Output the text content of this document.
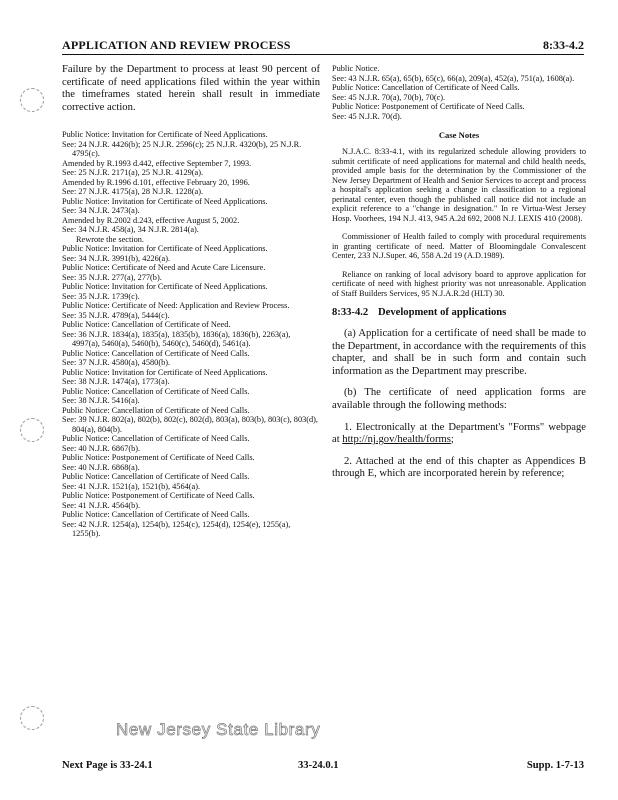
APPLICATION AND REVIEW PROCESS	8:33-4.2

Failure by the Department to process at least 90 percent of certificate of need applications filed within the year within the timeframes stated herein shall result in immediate corrective action.

Public Notice: Invitation for Certificate of Need Applications.
See: 24 N.J.R. 4426(b); 25 N.J.R. 2596(c); 25 N.J.R. 4320(b), 25 N.J.R. 4795(c).
Amended by R.1993 d.442, effective September 7, 1993.
See: 25 N.J.R. 2171(a), 25 N.J.R. 4129(a).
Amended by R.1996 d.101, effective February 20, 1996.
See: 27 N.J.R. 4175(a), 28 N.J.R. 1228(a).
Public Notice: Invitation for Certificate of Need Applications.
See: 34 N.J.R. 2473(a).
Amended by R.2002 d.243, effective August 5, 2002.
See: 34 N.J.R. 458(a), 34 N.J.R. 2814(a).
Rewrote the section.
Public Notice: Invitation for Certificate of Need Applications.
See: 34 N.J.R. 3991(b), 4226(a).
Public Notice: Certificate of Need and Acute Care Licensure.
See: 35 N.J.R. 277(a), 277(b).
Public Notice: Invitation for Certificate of Need Applications.
See: 35 N.J.R. 1739(c).
Public Notice: Certificate of Need: Application and Review Process.
See: 35 N.J.R. 4789(a), 5444(c).
Public Notice: Cancellation of Certificate of Need.
See: 36 N.J.R. 1834(a), 1835(a), 1835(b), 1836(a), 1836(b), 2263(a), 4997(a), 5460(a), 5460(b), 5460(c), 5460(d), 5461(a).
Public Notice: Cancellation of Certificate of Need Calls.
See: 37 N.J.R. 4580(a), 4580(b).
Public Notice: Invitation for Certificate of Need Applications.
See: 38 N.J.R. 1474(a), 1773(a).
Public Notice: Cancellation of Certificate of Need Calls.
See: 38 N.J.R. 5416(a).
Public Notice: Cancellation of Certificate of Need Calls.
See: 39 N.J.R. 802(a), 802(b), 802(c), 802(d), 803(a), 803(b), 803(c), 803(d), 804(a), 804(b).
Public Notice: Cancellation of Certificate of Need Calls.
See: 40 N.J.R. 6867(b).
Public Notice: Postponement of Certificate of Need Calls.
See: 40 N.J.R. 6868(a).
Public Notice: Cancellation of Certificate of Need Calls.
See: 41 N.J.R. 1521(a), 1521(b), 4564(a).
Public Notice: Postponement of Certificate of Need Calls.
See: 41 N.J.R. 4564(b).
Public Notice: Cancellation of Certificate of Need Calls.
See: 42 N.J.R. 1254(a), 1254(b), 1254(c), 1254(d), 1254(e), 1255(a), 1255(b).
Public Notice.
See: 43 N.J.R. 65(a), 65(b), 65(c), 66(a), 209(a), 452(a), 751(a), 1608(a).
Public Notice: Cancellation of Certificate of Need Calls.
See: 45 N.J.R. 70(a), 70(b), 70(c).
Public Notice: Postponement of Certificate of Need Calls.
See: 45 N.J.R. 70(d).
Case Notes

N.J.A.C. 8:33-4.1, with its regularized schedule allowing providers to submit certificate of need applications for maternal and child health needs, provided ample basis for the determination by the Commissioner of the New Jersey Department of Health and Senior Services to accept and process a hospital's application seeking a change in classification to a regional perinatal center, even though the published call notice did not include an explicit reference to a "change in designation." In re Virtua-West Jersey Hosp. Voorhees, 194 N.J. 413, 945 A.2d 692, 2008 N.J. LEXIS 410 (2008).

Commissioner of Health failed to comply with procedural requirements in granting certificate of need. Matter of Bloomingdale Convalescent Center, 233 N.J.Super. 46, 558 A.2d 19 (A.D.1989).

Reliance on ranking of local advisory board to approve application for certificate of need with highest priority was not unreasonable. Application of Staff Builders Services, 95 N.J.A.R.2d (HLT) 30.

8:33-4.2 Development of applications

(a) Application for a certificate of need shall be made to the Department, in accordance with the requirements of this chapter, and shall be in such form and contain such information as the Department may prescribe.

(b) The certificate of need application forms are available through the following methods:

1. Electronically at the Department's "Forms" webpage at http://nj.gov/health/forms;

2. Attached at the end of this chapter as Appendices B through E, which are incorporated herein by reference;

New Jersey State Library
Next Page is 33-24.1	33-24.0.1	Supp. 1-7-13
